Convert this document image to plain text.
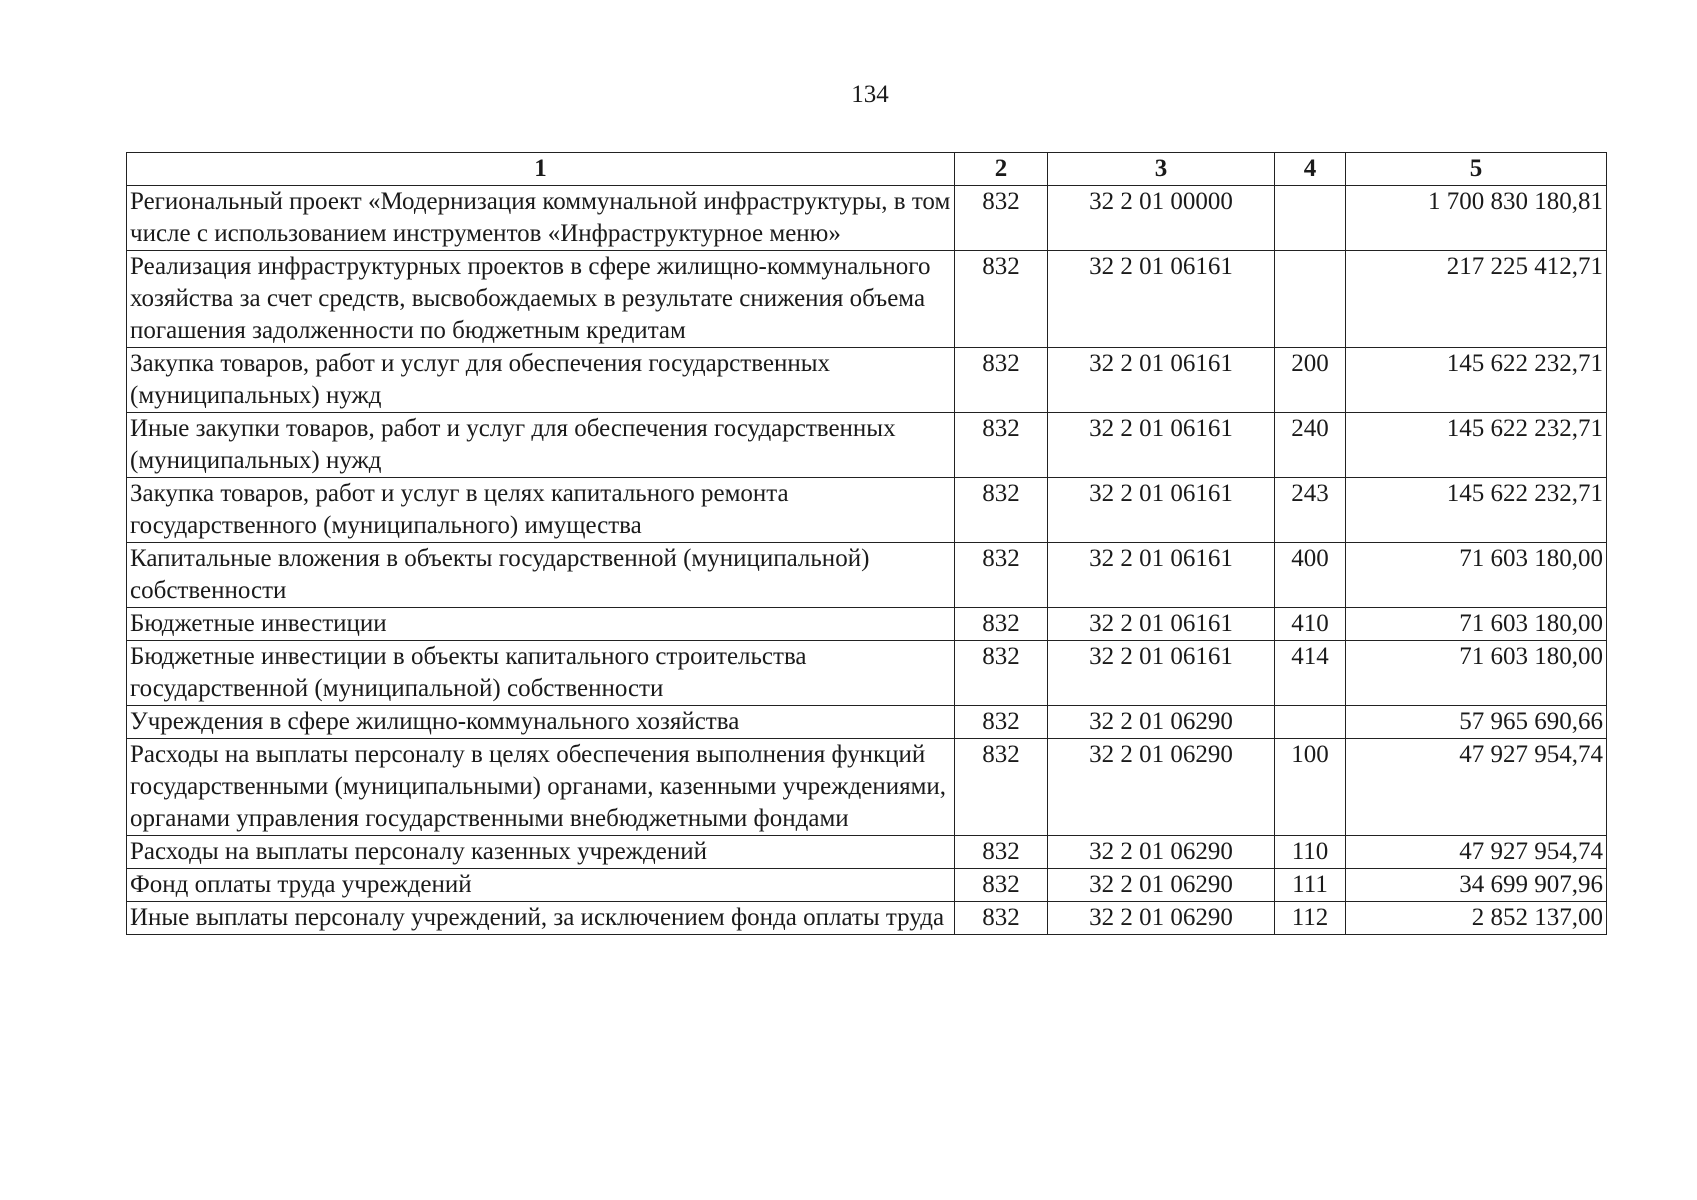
134
1	2	3	4	5
Региональный проект «Модернизация коммунальной инфраструктуры, в том числе с использованием инструментов «Инфраструктурное меню»	832	32 2 01 00000		1 700 830 180,81
Реализация инфраструктурных проектов в сфере жилищно-коммунального хозяйства за счет средств, высвобождаемых в результате снижения объема погашения задолженности по бюджетным кредитам	832	32 2 01 06161		217 225 412,71
Закупка товаров, работ и услуг для обеспечения государственных (муниципальных) нужд	832	32 2 01 06161	200	145 622 232,71
Иные закупки товаров, работ и услуг для обеспечения государственных (муниципальных) нужд	832	32 2 01 06161	240	145 622 232,71
Закупка товаров, работ и услуг в целях капитального ремонта государственного (муниципального) имущества	832	32 2 01 06161	243	145 622 232,71
Капитальные вложения в объекты государственной (муниципальной) собственности	832	32 2 01 06161	400	71 603 180,00
Бюджетные инвестиции	832	32 2 01 06161	410	71 603 180,00
Бюджетные инвестиции в объекты капитального строительства государственной (муниципальной) собственности	832	32 2 01 06161	414	71 603 180,00
Учреждения в сфере жилищно-коммунального хозяйства	832	32 2 01 06290		57 965 690,66
Расходы на выплаты персоналу в целях обеспечения выполнения функций государственными (муниципальными) органами, казенными учреждениями, органами управления государственными внебюджетными фондами	832	32 2 01 06290	100	47 927 954,74
Расходы на выплаты персоналу казенных учреждений	832	32 2 01 06290	110	47 927 954,74
Фонд оплаты труда учреждений	832	32 2 01 06290	111	34 699 907,96
Иные выплаты персоналу учреждений, за исключением фонда оплаты труда	832	32 2 01 06290	112	2 852 137,00
